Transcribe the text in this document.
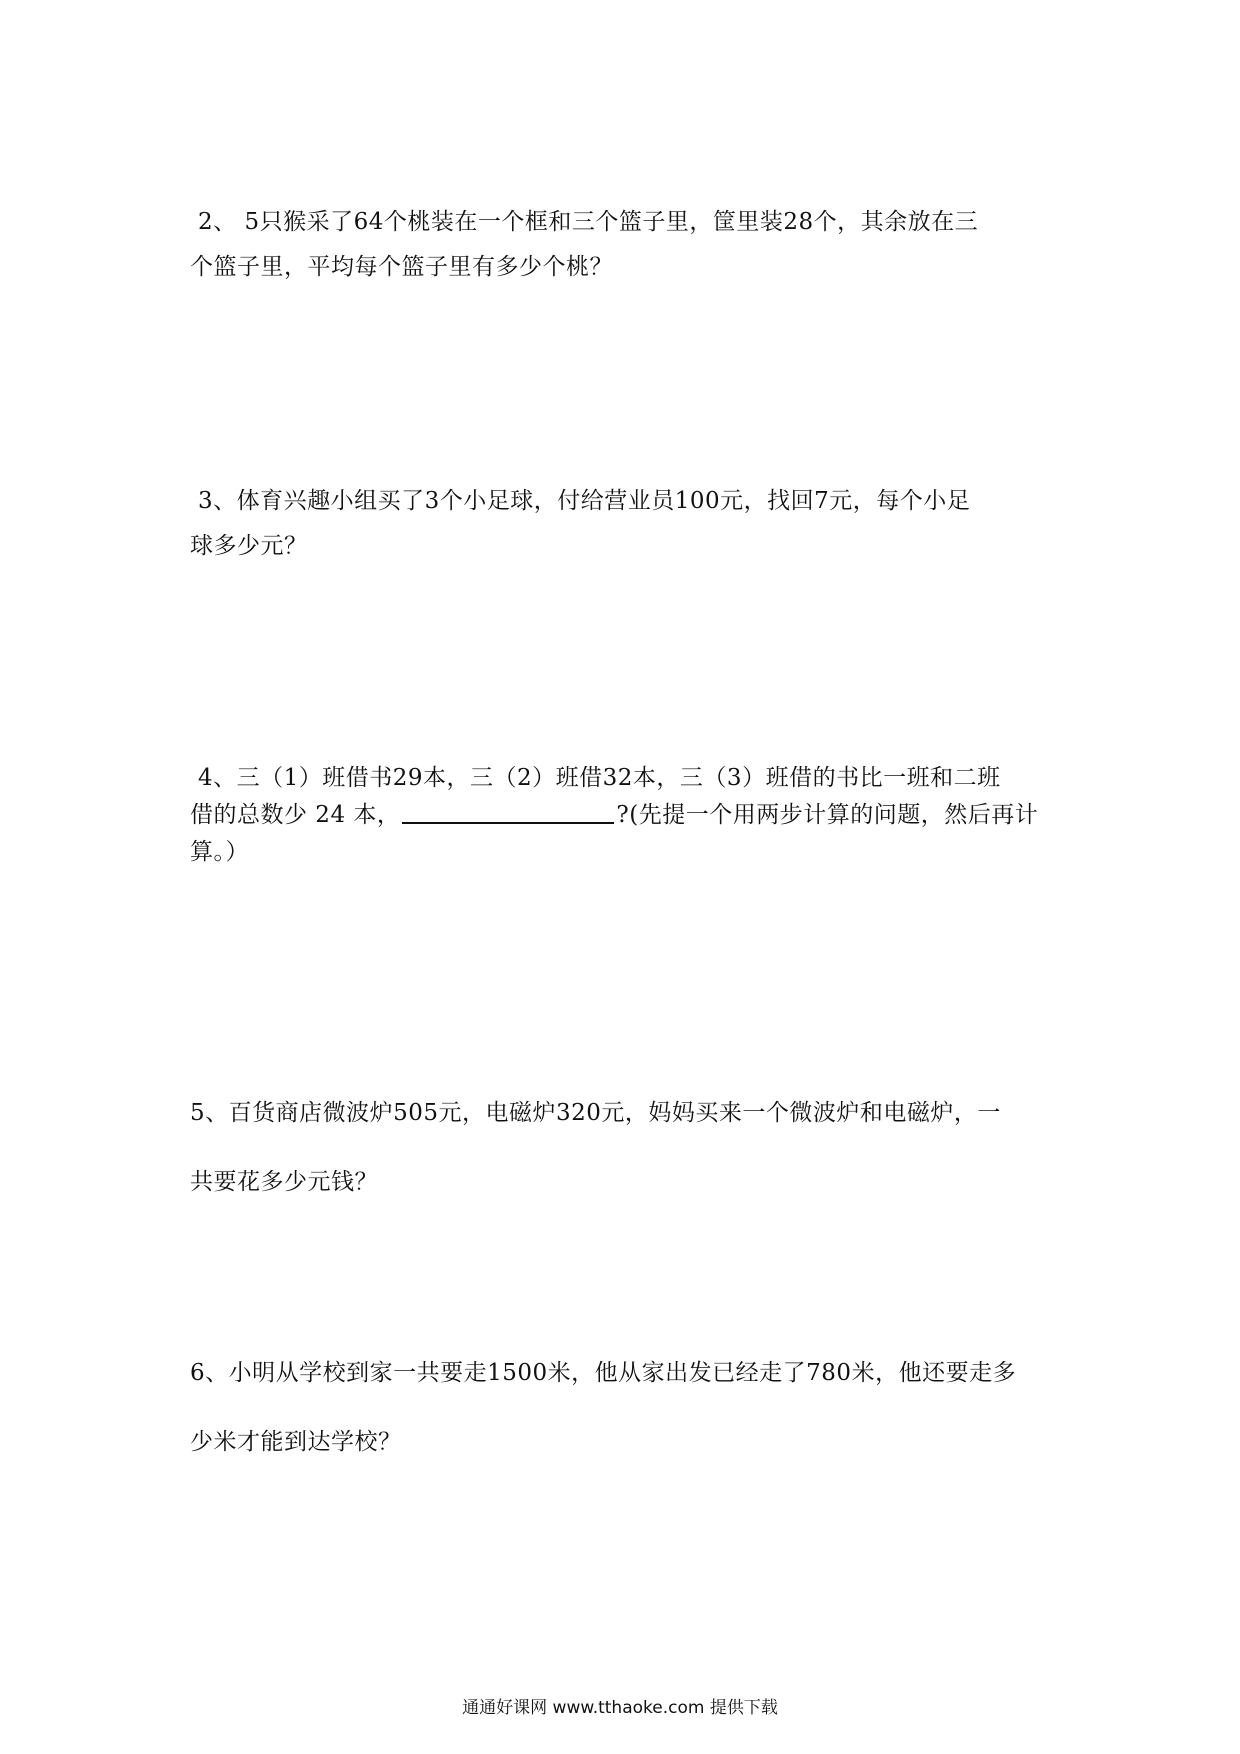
2、 5只猴采了64个桃装在一个框和三个篮子里，筐里装28个，其余放在三
个篮子里，平均每个篮子里有多少个桃？
3、体育兴趣小组买了3个小足球，付给营业员100元，找回7元，每个小足
球多少元？
4、三（1）班借书29本，三（2）班借32本，三（3）班借的书比一班和二班
借的总数少 24 本，	?(先提一个用两步计算的问题，然后再计
算。）
5、百货商店微波炉505元，电磁炉320元，妈妈买来一个微波炉和电磁炉，一
共要花多少元钱？
6、小明从学校到家一共要走1500米，他从家出发已经走了780米，他还要走多
少米才能到达学校？
通通好课网 www.tthaoke.com 提供下载
